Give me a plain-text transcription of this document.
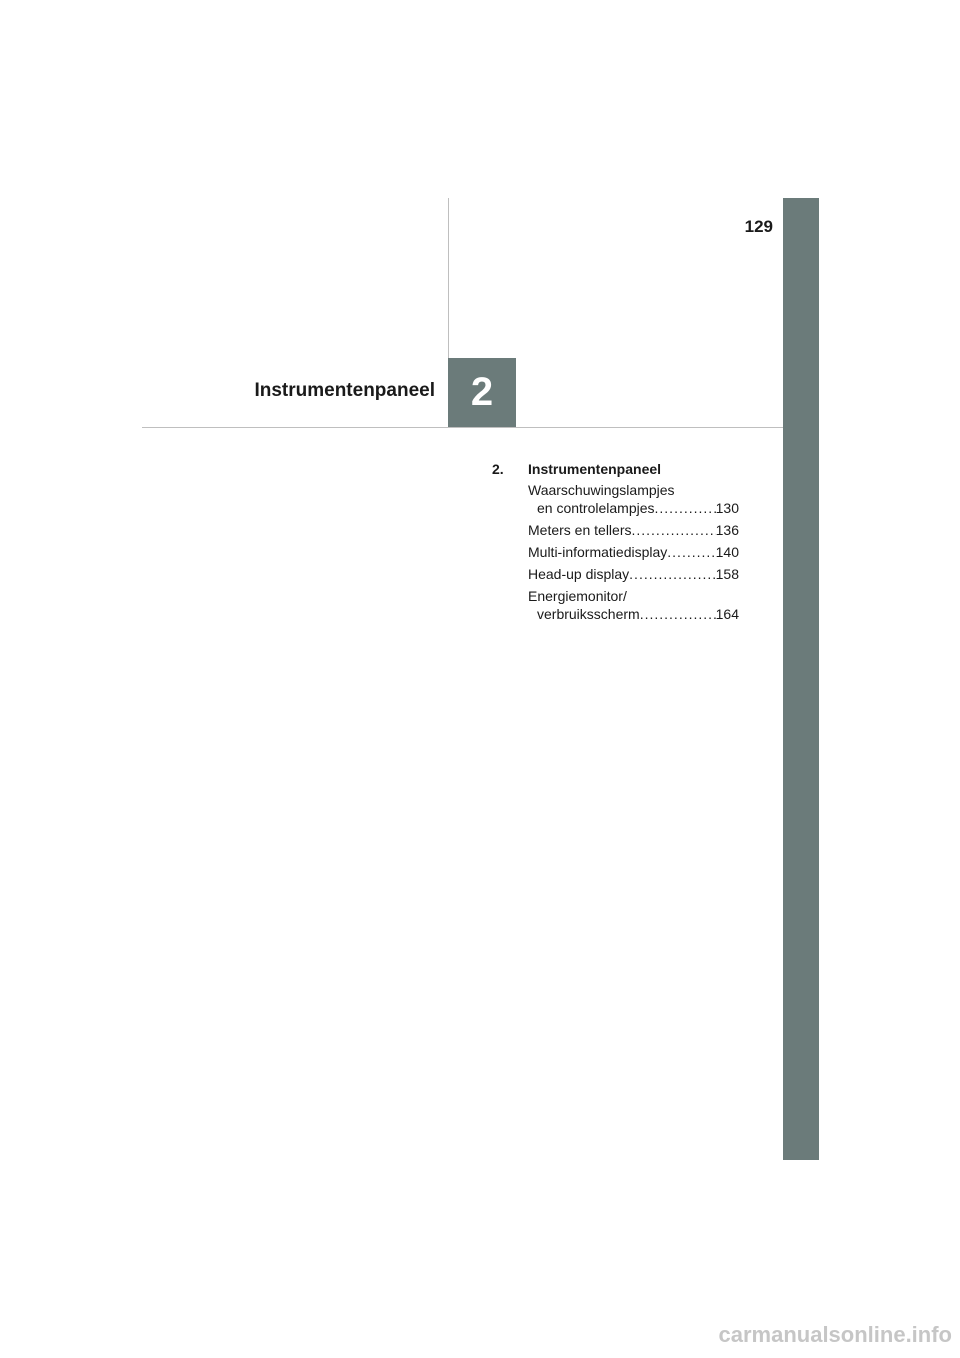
129
Instrumentenpaneel 2
2.	Instrumentenpaneel
Waarschuwingslampjes
en controlelampjes .....	130
Meters en tellers .....	136
Multi-informatiedisplay .....	140
Head-up display .....	158
Energiemonitor/
verbruiksscherm .....	164
carmanualsonline.info
